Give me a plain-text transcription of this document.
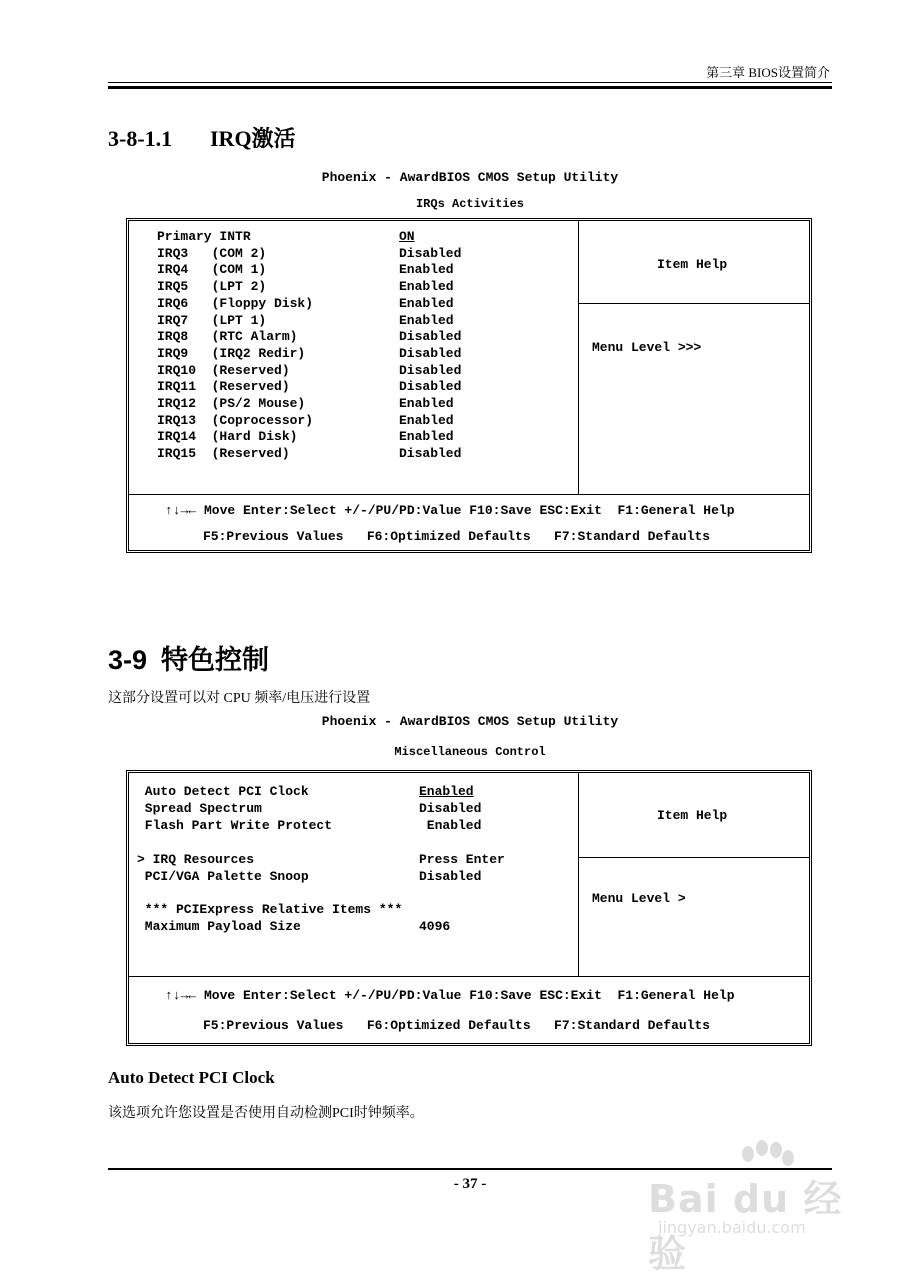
第三章 BIOS设置简介
3-8-1.1 IRQ激活
Phoenix - AwardBIOS CMOS Setup Utility
IRQs Activities
Primary INTR	ON
IRQ3   (COM 2)	Disabled
IRQ4   (COM 1)	Enabled
IRQ5   (LPT 2)	Enabled
IRQ6   (Floppy Disk)	Enabled
IRQ7   (LPT 1)	Enabled
IRQ8   (RTC Alarm)	Disabled
IRQ9   (IRQ2 Redir)	Disabled
IRQ10  (Reserved)	Disabled
IRQ11  (Reserved)	Disabled
IRQ12  (PS/2 Mouse)	Enabled
IRQ13  (Coprocessor)	Enabled
IRQ14  (Hard Disk)	Enabled
IRQ15  (Reserved)	Disabled
Item Help
Menu Level >>>
↑↓→← Move Enter:Select +/-/PU/PD:Value F10:Save ESC:Exit  F1:General Help
F5:Previous Values   F6:Optimized Defaults   F7:Standard Defaults
3-9 特色控制
这部分设置可以对 CPU 频率/电压进行设置
Phoenix - AwardBIOS CMOS Setup Utility
Miscellaneous Control
Auto Detect PCI Clock	Enabled
Spread Spectrum	Disabled
Flash Part Write Protect	Enabled
> IRQ Resources	Press Enter
PCI/VGA Palette Snoop	Disabled
*** PCIExpress Relative Items ***
Maximum Payload Size	4096
Item Help
Menu Level >
↑↓→← Move Enter:Select +/-/PU/PD:Value F10:Save ESC:Exit  F1:General Help
F5:Previous Values   F6:Optimized Defaults   F7:Standard Defaults
Auto Detect PCI Clock
该选项允许您设置是否使用自动检测PCI时钟频率。
- 37 -	Bai du 经验
jingyan.baidu.com
